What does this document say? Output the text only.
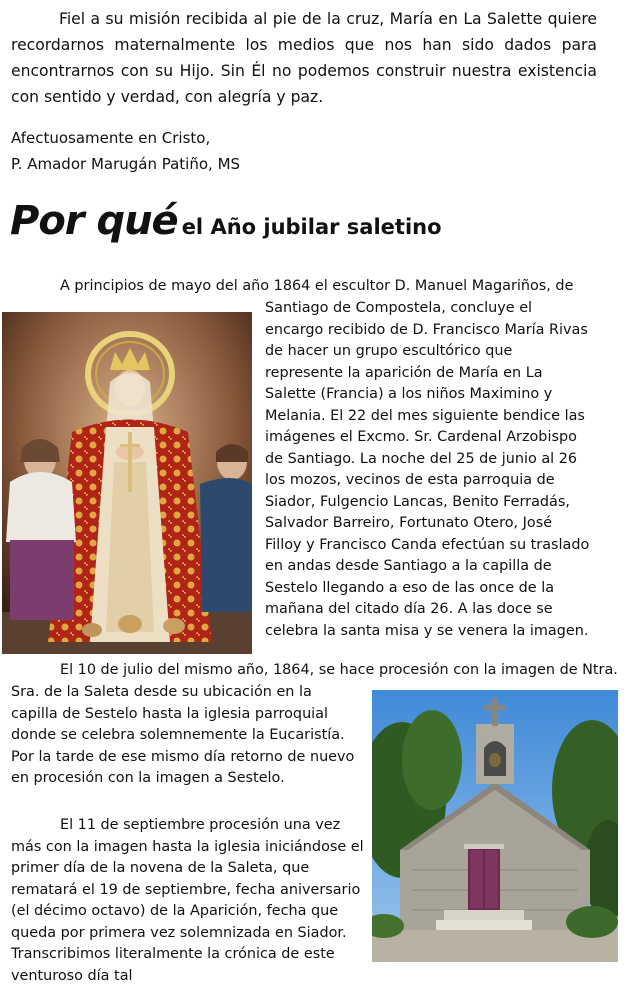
Fiel a su misión recibida al pie de la cruz, María en La Salette quiere recordarnos maternalmente los medios que nos han sido dados para encontrarnos con su Hijo. Sin Él no podemos construir nuestra existencia con sentido y verdad, con alegría y paz.

Afectuosamente en Cristo,

P. Amador Marugán Patiño, MS

Por qué el Año jubilar saletino

A principios de mayo del año 1864 el escultor D. Manuel Magariños, de

Santiago de Compostela, concluye el encargo recibido de D. Francisco María Rivas de hacer un grupo escultórico que represente la aparición de María en La Salette (Francia) a los niños Maximino y Melania. El 22 del mes siguiente bendice las imágenes el Excmo. Sr. Cardenal Arzobispo de Santiago. La noche del 25 de junio al 26 los mozos, vecinos de esta parroquia de Siador, Fulgencio Lancas, Benito Ferradás, Salvador Barreiro, Fortunato Otero, José Filloy y Francisco Canda efectúan su traslado en andas desde Santiago a la capilla de Sestelo llegando a eso de las once de la mañana del citado día 26. A las doce se celebra la santa misa y se venera la imagen.

El 10 de julio del mismo año, 1864, se hace procesión con la imagen de Ntra.

Sra. de la Saleta desde su ubicación en la capilla de Sestelo hasta la iglesia parroquial donde se celebra solemnemente la Eucaristía. Por la tarde de ese mismo día retorno de nuevo en procesión con la imagen a Sestelo.

El 11 de septiembre procesión una vez más con la imagen hasta la iglesia iniciándose el primer día de la novena de la Saleta, que rematará el 19 de septiembre, fecha aniversario (el décimo octavo) de la Aparición, fecha que queda por primera vez solemnizada en Siador. Transcribimos literalmente la crónica de este venturoso día tal
